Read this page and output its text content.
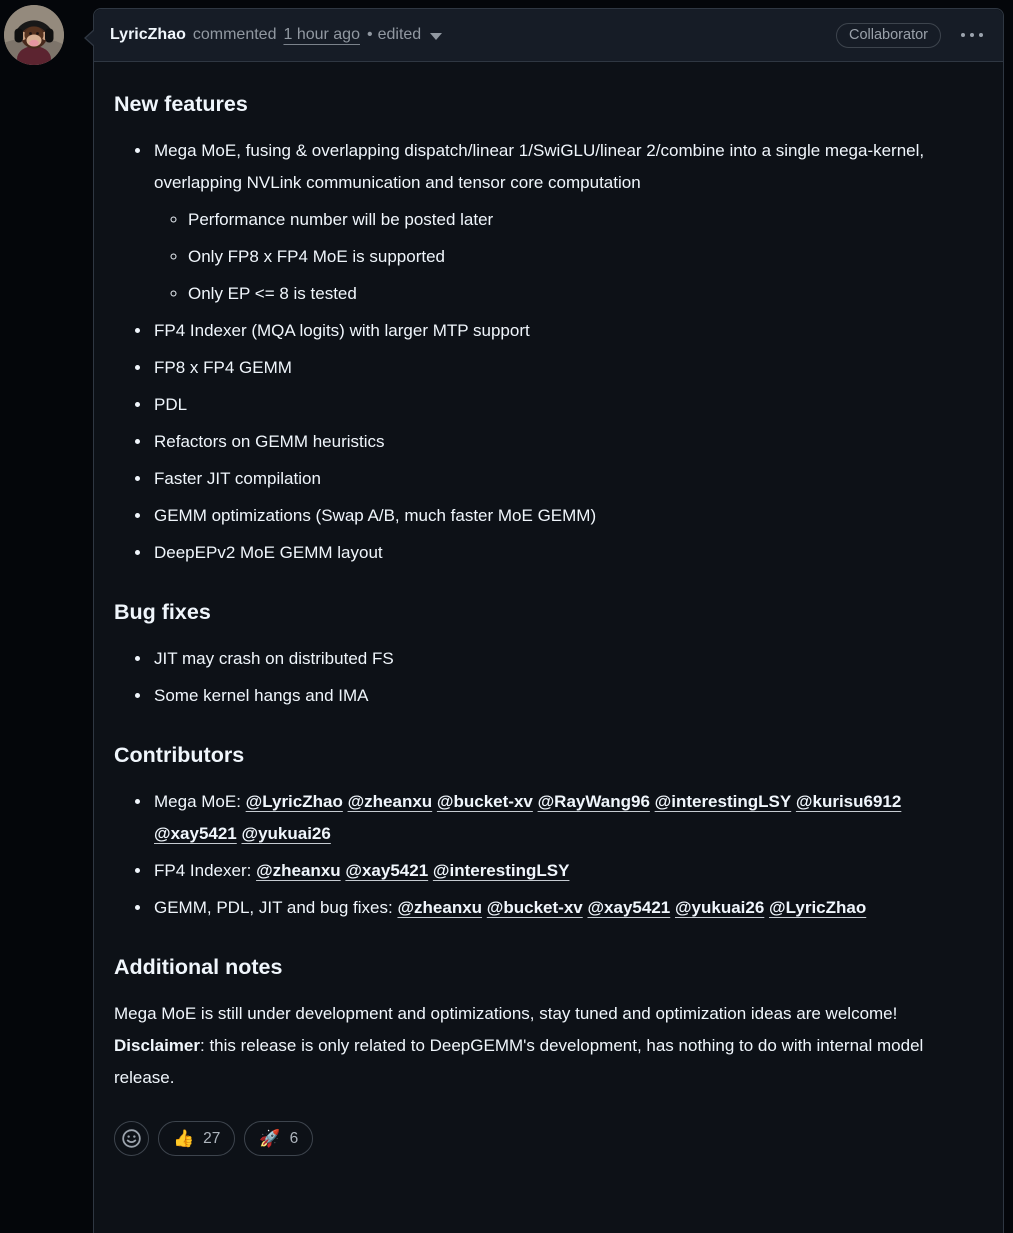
LyricZhao commented 1 hour ago • edited	Collaborator
New features
• Mega MoE, fusing & overlapping dispatch/linear 1/SwiGLU/linear 2/combine into a single mega-kernel, overlapping NVLink communication and tensor core computation
◦ Performance number will be posted later
◦ Only FP8 x FP4 MoE is supported
◦ Only EP <= 8 is tested
• FP4 Indexer (MQA logits) with larger MTP support
• FP8 x FP4 GEMM
• PDL
• Refactors on GEMM heuristics
• Faster JIT compilation
• GEMM optimizations (Swap A/B, much faster MoE GEMM)
• DeepEPv2 MoE GEMM layout
Bug fixes
• JIT may crash on distributed FS
• Some kernel hangs and IMA
Contributors
• Mega MoE: @LyricZhao @zheanxu @bucket-xv @RayWang96 @interestingLSY @kurisu6912 @xay5421 @yukuai26
• FP4 Indexer: @zheanxu @xay5421 @interestingLSY
• GEMM, PDL, JIT and bug fixes: @zheanxu @bucket-xv @xay5421 @yukuai26 @LyricZhao
Additional notes

Mega MoE is still under development and optimizations, stay tuned and optimization ideas are welcome!
Disclaimer: this release is only related to DeepGEMM's development, has nothing to do with internal model release.

👍 27 🚀 6
